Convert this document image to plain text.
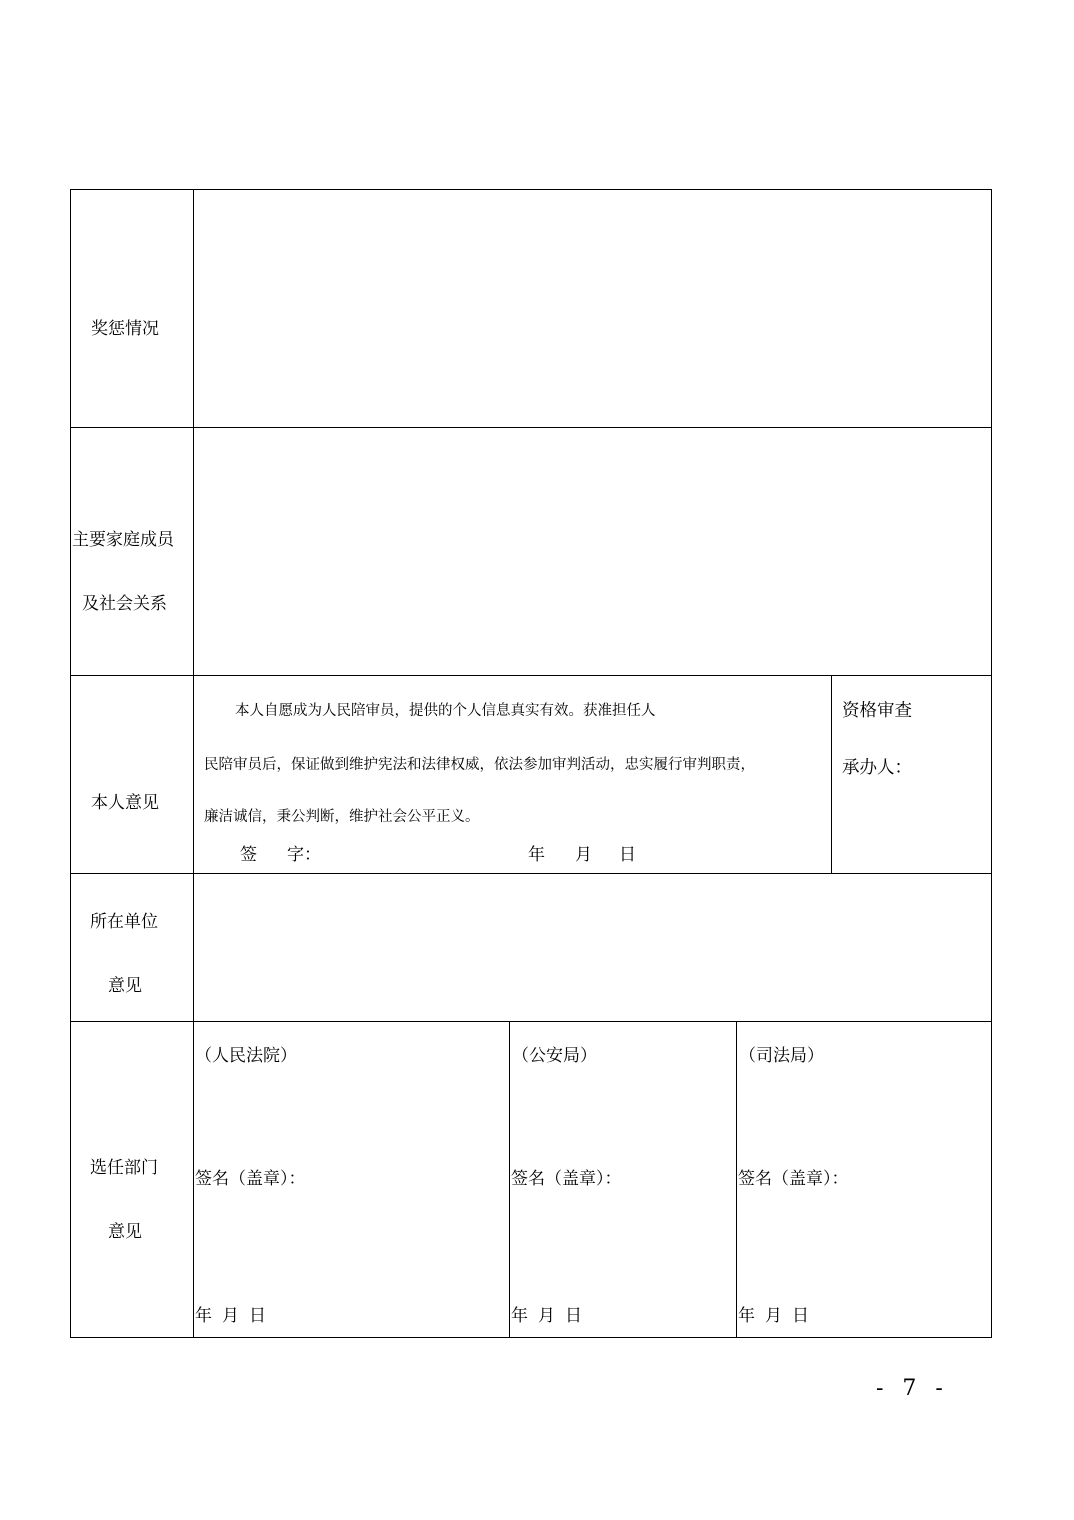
奖惩情况
主要家庭成员
及社会关系
本人意见
本人自愿成为人民陪审员，提供的个人信息真实有效。获准担任人
民陪审员后，保证做到维护宪法和法律权威，依法参加审判活动，忠实履行审判职责，
廉洁诚信，秉公判断，维护社会公平正义。
签 字：	年 月 日
资格审查
承办人：
所在单位
意见
选任部门
意见
（人民法院）
签名（盖章）：
年 月 日
（公安局）
签名（盖章）：
年 月 日
（司法局）
签名（盖章）：
年 月 日
- 7 -
